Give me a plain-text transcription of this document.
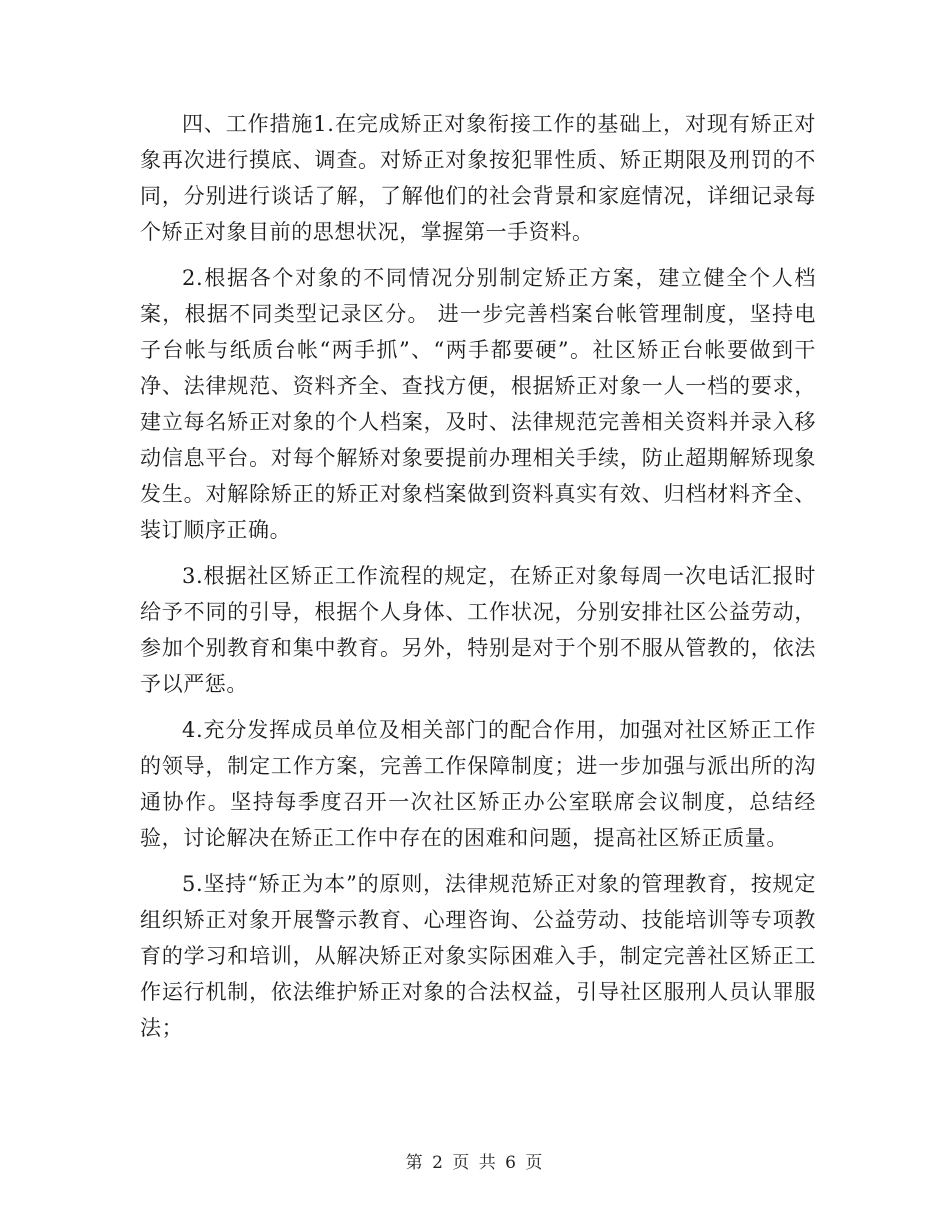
四、工作措施1.在完成矫正对象衔接工作的基础上，对现有矫正对象再次进行摸底、调查。对矫正对象按犯罪性质、矫正期限及刑罚的不同，分别进行谈话了解，了解他们的社会背景和家庭情况，详细记录每个矫正对象目前的思想状况，掌握第一手资料。

2.根据各个对象的不同情况分别制定矫正方案，建立健全个人档案，根据不同类型记录区分。 进一步完善档案台帐管理制度，坚持电子台帐与纸质台帐“两手抓”、“两手都要硬”。社区矫正台帐要做到干净、法律规范、资料齐全、查找方便，根据矫正对象一人一档的要求，建立每名矫正对象的个人档案，及时、法律规范完善相关资料并录入移动信息平台。对每个解矫对象要提前办理相关手续，防止超期解矫现象发生。对解除矫正的矫正对象档案做到资料真实有效、归档材料齐全、装订顺序正确。

3.根据社区矫正工作流程的规定，在矫正对象每周一次电话汇报时给予不同的引导，根据个人身体、工作状况，分别安排社区公益劳动，参加个别教育和集中教育。另外，特别是对于个别不服从管教的，依法予以严惩。

4.充分发挥成员单位及相关部门的配合作用，加强对社区矫正工作的领导，制定工作方案，完善工作保障制度；进一步加强与派出所的沟通协作。坚持每季度召开一次社区矫正办公室联席会议制度，总结经验，讨论解决在矫正工作中存在的困难和问题，提高社区矫正质量。

5.坚持“矫正为本”的原则，法律规范矫正对象的管理教育，按规定组织矫正对象开展警示教育、心理咨询、公益劳动、技能培训等专项教育的学习和培训，从解决矫正对象实际困难入手，制定完善社区矫正工作运行机制，依法维护矫正对象的合法权益，引导社区服刑人员认罪服法；

第 2 页 共 6 页
